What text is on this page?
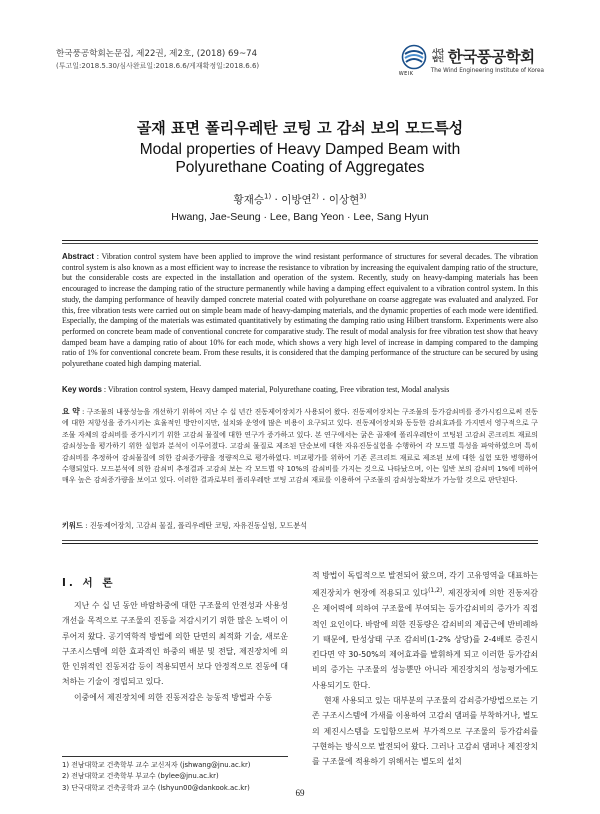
한국풍공학회논문집, 제22권, 제2호, (2018) 69~74
(투고일:2018.5.30/심사완료일:2018.6.6/게재확정일:2018.6.6)
WEIK
사단법인 한국풍공학회
The Wind Engineering Institute of Korea
골재 표면 폴리우레탄 코팅 고 감쇠 보의 모드특성
Modal properties of Heavy Damped Beam with
Polyurethane Coating of Aggregates
황재승$^{1)}$ · 이방연$^{2)}$ · 이상현$^{3)}$
Hwang, Jae-Seung · Lee, Bang Yeon · Lee, Sang Hyun
Abstract : Vibration control system have been applied to improve the wind resistant performance of structures for several decades. The vibration control system is also known as a most efficient way to increase the resistance to vibration by increasing the equivalent damping ratio of the structure, but the considerable costs are expected in the installation and operation of the system. Recently, study on heavy-damping materials has been encouraged to increase the damping ratio of the structure permanently while having a damping effect equivalent to a vibration control system. In this study, the damping performance of heavily damped concrete material coated with polyurethane on coarse aggregate was evaluated and analyzed. For this, free vibration tests were carried out on simple beam made of heavy-damping materials, and the dynamic properties of each mode were identified. Especially, the damping of the materials was estimated quantitatively by estimating the damping ratio using Hilbert transform. Experiments were also performed on concrete beam made of conventional concrete for comparative study. The result of modal analysis for free vibration test show that heavy damped beam have a damping ratio of about 10% for each mode, which shows a very high level of increase in damping compared to the damping ratio of 1% for conventional concrete beam. From these results, it is considered that the damping performance of the structure can be secured by using polyurethane coated high damping material.
Key words : Vibration control system, Heavy damped material, Polyurethane coating, Free vibration test, Modal analysis
요 약 : 구조물의 내풍성능을 개선하기 위하여 지난 수 십 년간 진동제어장치가 사용되어 왔다. 진동제어장치는 구조물의 등가감쇠비를 증가시킴으로써 진동에 대한 저항성을 증가시키는 효율적인 방안이지만, 설치와 운영에 많은 비용이 요구되고 있다. 진동제어장치와 동등한 감쇠효과를 가지면서 영구적으로 구조물 자체의 감쇠비를 증가시키기 위한 고감쇠 물질에 대한 연구가 증가하고 있다. 본 연구에서는 굵은 골재에 폴리우레탄이 코팅된 고감쇠 콘크리트 재료의 감쇠성능을 평가하기 위한 실험과 분석이 이루어졌다. 고감쇠 물질로 제조된 단순보에 대한 자유진동실험을 수행하여 각 모드별 특성을 파악하였으며 특히 감쇠비를 추정하여 감쇠물질에 의한 감쇠증가량을 정량적으로 평가하였다. 비교평가를 위하여 기존 콘크리트 재료로 제조된 보에 대한 실험 또한 병행하여 수행되었다. 모드분석에 의한 감쇠비 추정결과 고감쇠 보는 각 모드별 약 10%의 감쇠비를 가지는 것으로 나타났으며, 이는 일반 보의 감쇠비 1%에 비하여 매우 높은 감쇠증가량을 보이고 있다. 이러한 결과로부터 폴리우레탄 코팅 고감쇠 재료를 이용하여 구조물의 감쇠성능확보가 가능할 것으로 판단된다.
키워드 : 진동제어장치, 고감쇠 물질, 폴리우레탄 코팅, 자유진동실험, 모드분석
I. 서 론

지난 수 십 년 동안 바람하중에 대한 구조물의 안전성과 사용성 개선을 목적으로 구조물의 진동을 저감시키기 위한 많은 노력이 이루어져 왔다. 공기역학적 방법에 의한 단면의 최적화 기술, 새로운 구조시스템에 의한 효과적인 하중의 배분 및 전달, 제진장치에 의한 인위적인 진동저감 등이 적용되면서 보다 안정적으로 진동에 대처하는 기술이 정립되고 있다.

이중에서 제진장치에 의한 진동저감은 능동적 방법과 수동

적 방법이 독립적으로 발전되어 왔으며, 각기 고유영역을 대표하는 제진장치가 현장에 적용되고 있다$^{(1,2)}$. 제진장치에 의한 진동저감은 제어력에 의하여 구조물에 부여되는 등가감쇠비의 증가가 직접적인 요인이다. 바람에 의한 진동량은 감쇠비의 제곱근에 반비례하기 때문에, 탄성상태 구조 감쇠비(1-2% 상당)를 2-4배로 증진시킨다면 약 30-50%의 제어효과를 발휘하게 되고 이러한 등가감쇠비의 증가는 구조물의 성능뿐만 아니라 제진장치의 성능평가에도 사용되기도 한다.

현재 사용되고 있는 대부분의 구조물의 감쇠증가방법으로는 기존 구조시스템에 가새를 이용하여 고감쇠 댐퍼를 부착하거나, 별도의 제진시스템을 도입함으로써 부가적으로 구조물의 등가감쇠를 구현하는 방식으로 발전되어 왔다. 그러나 고감쇠 댐퍼나 제진장치를 구조물에 적용하기 위해서는 별도의 설치

1) 전남대학교 건축학부 교수 교신저자 (jshwang@jnu.ac.kr)
2) 전남대학교 건축학부 부교수 (bylee@jnu.ac.kr)
3) 단국대학교 건축공학과 교수 (lshyun00@dankook.ac.kr)
69
